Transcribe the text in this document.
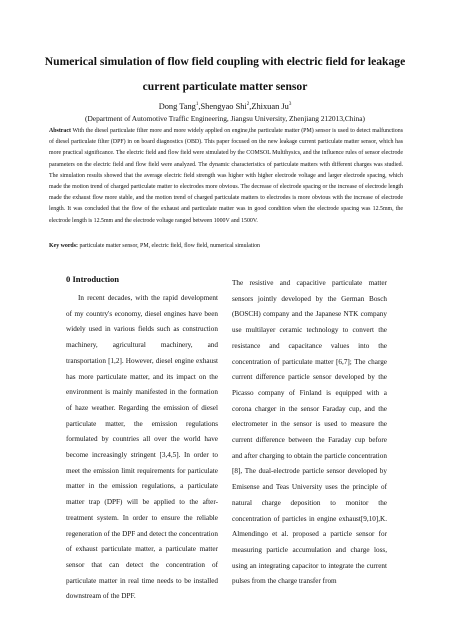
Numerical simulation of flow field coupling with electric field for leakage current particulate matter sensor
Dong Tang$^1$,Shengyao Shi$^2$,Zhixuan Ju$^3$
(Department of Automotive Traffic Engineering, Jiangsu University, Zhenjiang 212013,China)

Abstract With the diesel particulate filter more and more widely applied on engine,the particulate matter (PM) sensor is used to detect malfunctions of diesel particulate filter (DPF) in on board diagnostics (OBD). This paper focused on the new leakage current particulate matter sensor, which has more practical significance. The electric field and flow field were simulated by the COMSOL Multihysics, and the influence rules of sensor electrode parameters on the electric field and flow field were analyzed. The dynamic characteristics of particulate matters with different charges was studied. The simulation results showed that the average electric field strength was higher with higher electrode voltage and larger electrode spacing, which made the motion trend of charged particulate matter to electrodes more obvious. The decrease of electrode spacing or the increase of electrode length made the exhaust flow more stable, and the motion trend of charged particulate matters to electrodes is more obvious with the increase of electrode length. It was concluded that the flow of the exhaust and particulate matter was in good condition when the electrode spacing was 12.5mm, the electrode length is 12.5mm and the electrode voltage ranged between 1000V and 1500V.

Key words: particulate matter sensor, PM, electric field, flow field, numerical simulation

0 Introduction

In recent decades, with the rapid development of my country's economy, diesel engines have been widely used in various fields such as construction machinery, agricultural machinery, and transportation [1,2]. However, diesel engine exhaust has more particulate matter, and its impact on the environment is mainly manifested in the formation of haze weather. Regarding the emission of diesel particulate matter, the emission regulations formulated by countries all over the world have become increasingly stringent [3,4,5]. In order to meet the emission limit requirements for particulate matter in the emission regulations, a particulate matter trap (DPF) will be applied to the after-treatment system. In order to ensure the reliable regeneration of the DPF and detect the concentration of exhaust particulate matter, a particulate matter sensor that can detect the concentration of particulate matter in real time needs to be installed downstream of the DPF.

The resistive and capacitive particulate matter sensors jointly developed by the German Bosch (BOSCH) company and the Japanese NTK company use multilayer ceramic technology to convert the resistance and capacitance values into the concentration of particulate matter [6,7]; The charge current difference particle sensor developed by the Picasso company of Finland is equipped with a corona charger in the sensor Faraday cup, and the electrometer in the sensor is used to measure the current difference between the Faraday cup before and after charging to obtain the particle concentration [8], The dual-electrode particle sensor developed by Emisense and Teas University uses the principle of natural charge deposition to monitor the concentration of particles in engine exhaust[9,10],K. Almendingo et al. proposed a particle sensor for measuring particle accumulation and charge loss, using an integrating capacitor to integrate the current pulses from the charge transfer from
